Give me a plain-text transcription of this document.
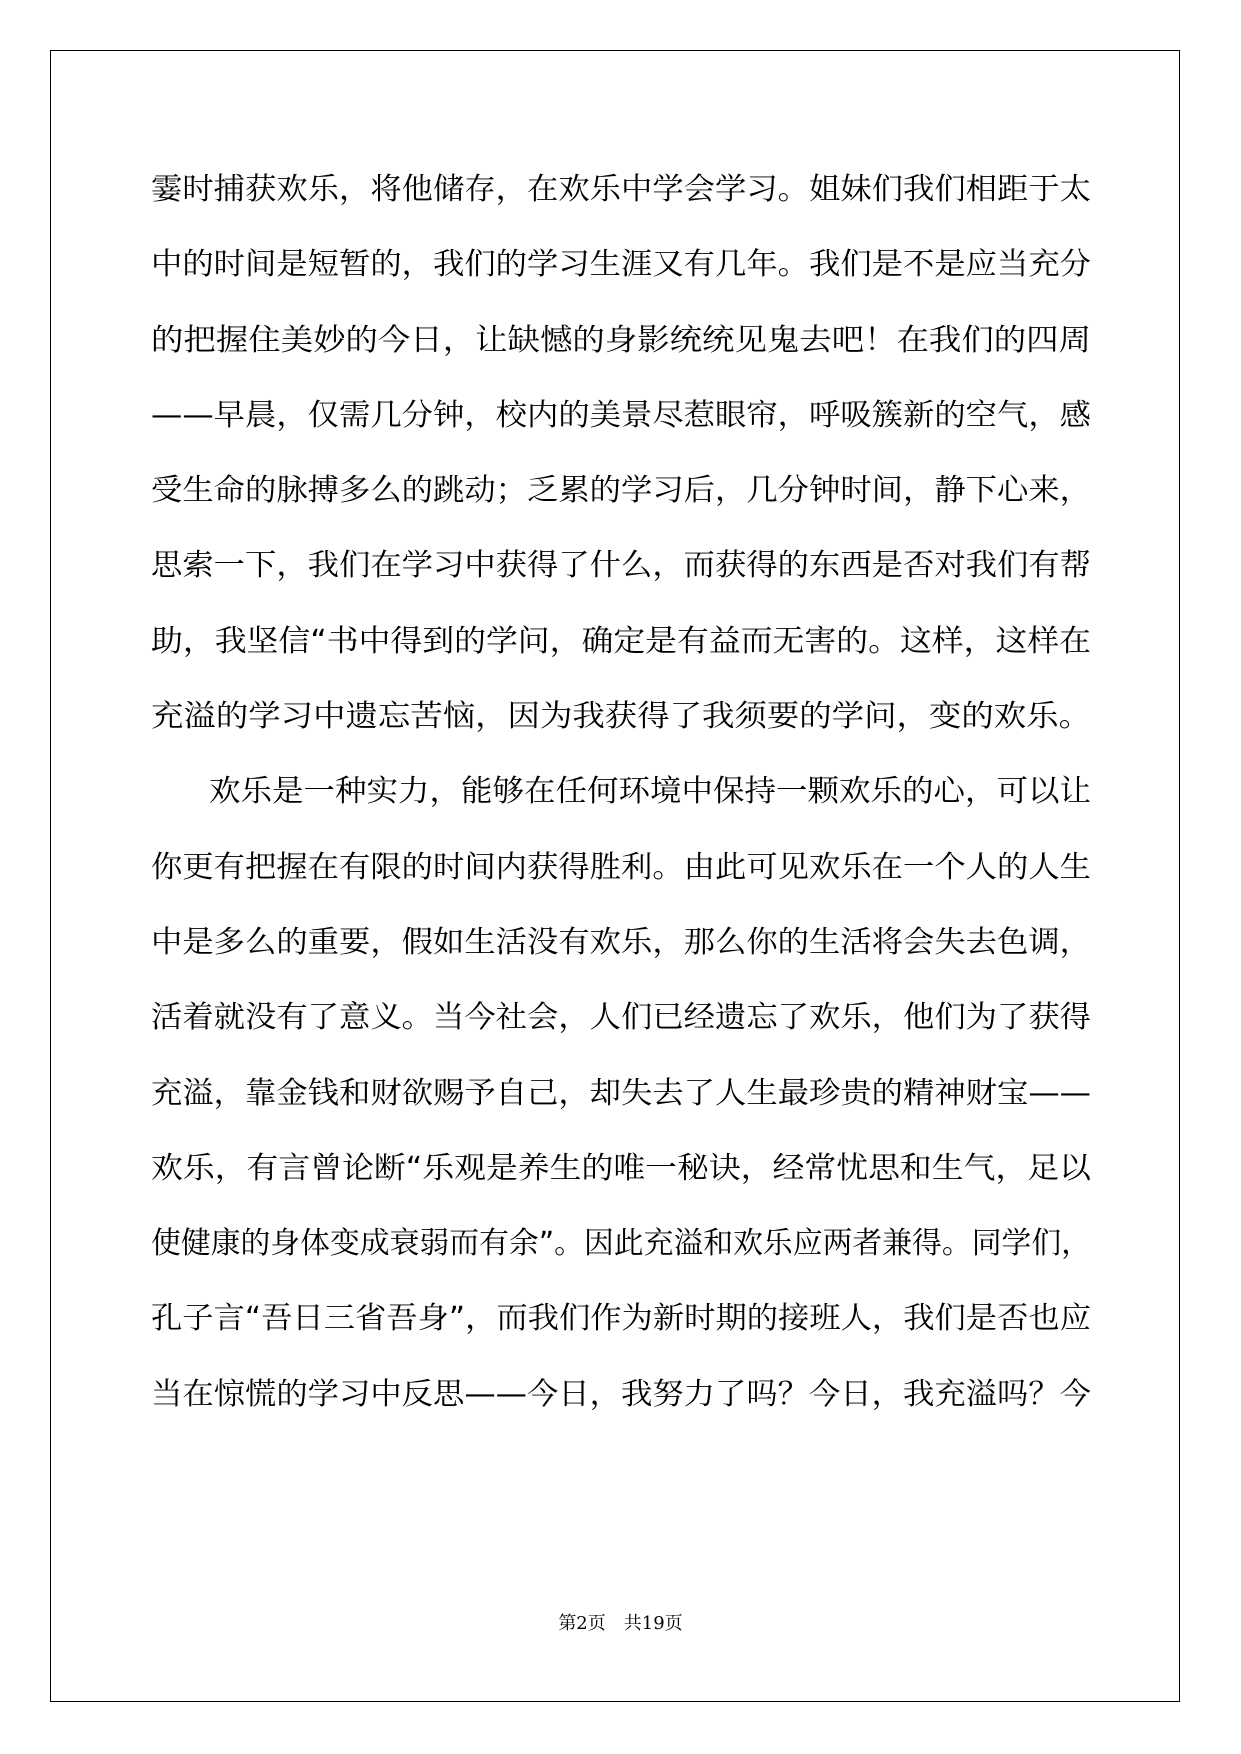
霎时捕获欢乐，将他储存，在欢乐中学会学习。姐妹们我们相距于太
中的时间是短暂的，我们的学习生涯又有几年。我们是不是应当充分
的把握住美妙的今日，让缺憾的身影统统见鬼去吧！在我们的四周
——早晨，仅需几分钟，校内的美景尽惹眼帘，呼吸簇新的空气，感
受生命的脉搏多么的跳动；乏累的学习后，几分钟时间，静下心来，
思索一下，我们在学习中获得了什么，而获得的东西是否对我们有帮
助，我坚信“书中得到的学问，确定是有益而无害的。这样，这样在
充溢的学习中遗忘苦恼，因为我获得了我须要的学问，变的欢乐。
欢乐是一种实力，能够在任何环境中保持一颗欢乐的心，可以让
你更有把握在有限的时间内获得胜利。由此可见欢乐在一个人的人生
中是多么的重要，假如生活没有欢乐，那么你的生活将会失去色调，
活着就没有了意义。当今社会，人们已经遗忘了欢乐，他们为了获得
充溢，靠金钱和财欲赐予自己，却失去了人生最珍贵的精神财宝——
欢乐，有言曾论断“乐观是养生的唯一秘诀，经常忧思和生气，足以
使健康的身体变成衰弱而有余”。因此充溢和欢乐应两者兼得。同学们，
孔子言“吾日三省吾身”，而我们作为新时期的接班人，我们是否也应
当在惊慌的学习中反思——今日，我努力了吗？今日，我充溢吗？今
第2页　共19页
